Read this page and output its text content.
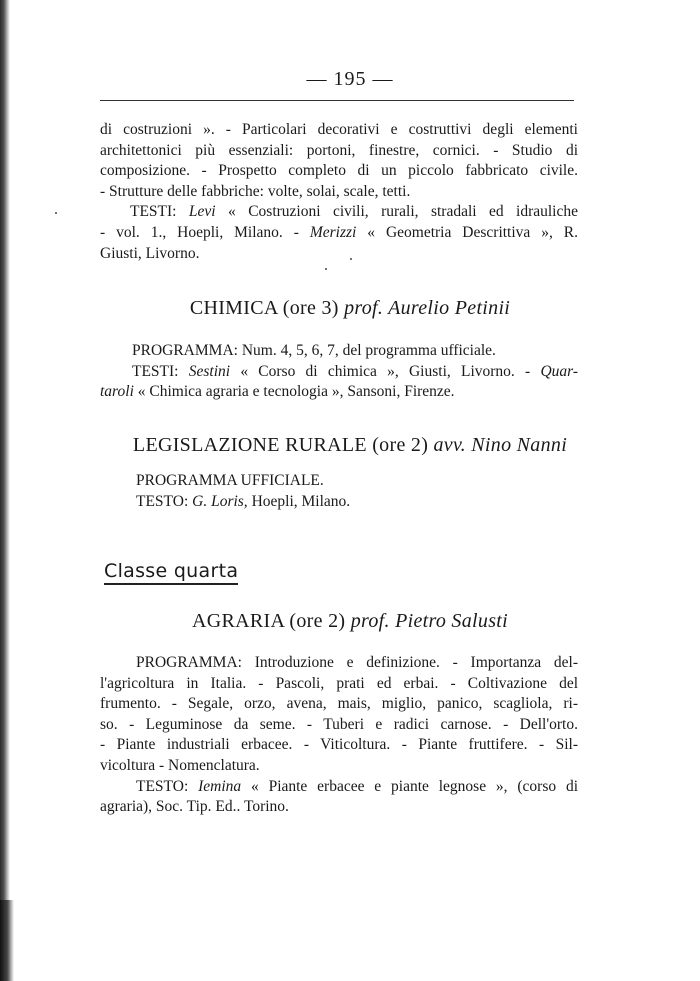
— 195 —
di costruzioni ». - Particolari decorativi e costruttivi degli elementi
architettonici più essenziali: portoni, finestre, cornici. - Studio di
composizione. - Prospetto completo di un piccolo fabbricato civile.
- Strutture delle fabbriche: volte, solai, scale, tetti.
TESTI: Levi « Costruzioni civili, rurali, stradali ed idrauliche
- vol. 1., Hoepli, Milano. - Merizzi « Geometria Descrittiva », R.
Giusti, Livorno.
CHIMICA (ore 3) prof. Aurelio Petinii
PROGRAMMA: Num. 4, 5, 6, 7, del programma ufficiale.
TESTI: Sestini « Corso di chimica », Giusti, Livorno. - Quar-
taroli « Chimica agraria e tecnologia », Sansoni, Firenze.
LEGISLAZIONE RURALE (ore 2) avv. Nino Nanni
PROGRAMMA UFFICIALE.
TESTO: G. Loris, Hoepli, Milano.
Classe quarta
AGRARIA (ore 2) prof. Pietro Salusti
PROGRAMMA: Introduzione e definizione. - Importanza del-
l'agricoltura in Italia. - Pascoli, prati ed erbai. - Coltivazione del
frumento. - Segale, orzo, avena, mais, miglio, panico, scagliola, ri-
so. - Leguminose da seme. - Tuberi e radici carnose. - Dell'orto.
- Piante industriali erbacee. - Viticoltura. - Piante fruttifere. - Sil-
vicoltura - Nomenclatura.
TESTO: Iemina « Piante erbacee e piante legnose », (corso di
agraria), Soc. Tip. Ed.. Torino.
